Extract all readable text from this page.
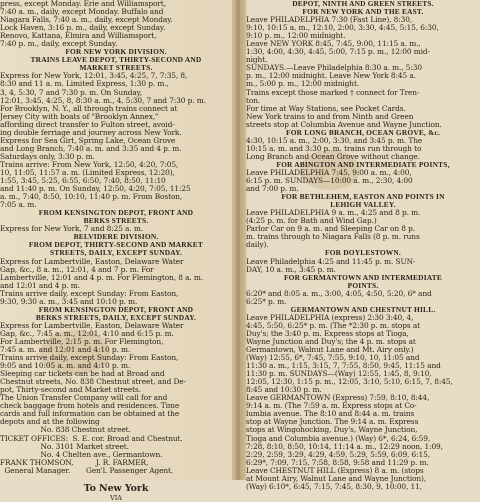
press, except Monday. Erie and Williamsport,
7:40 a. m., daily, except Monday. Buffalo and
Niagara Falls, 7:40 a. m., daily, except Monday.
Lock Haven, 3:16 p. m., daily, except Sunday.
Renovo, Kattana, Elmira and Williamsport,
7:40 p. m., daily, except Sunday.
FOR NEW YORK DIVISION.
TRAINS LEAVE DEPOT, THIRTY-SECOND AND
MARKET STREETS.
Express for New York, 12:01, 3:45, 4:25, 7, 7:35, 8,
8:30 and 11 a. m. Limited Express, 1:30 p. m.,
3, 4, 5:30, 7 and 7:30 p. m. On Sunday,
12:01, 3:45, 4:25, 8, 8:30 a. m., 4, 5:30, 7 and 7:30 p. m.
For Brooklyn, N. Y., all through trains connect at
Jersey City with boats of "Brooklyn Annex,"
affording direct transfer to Fulton street, avoid-
ing double ferriage and journey across New York.
Express for Sea Girt, Spring Lake, Ocean Grove
and Long Branch, 7:40 a. m. and 3:35 and 4 p. m.
Saturdays only, 3:30 p. m.
Trains arrive: From New York, 12:50, 4:20, 7:05,
10, 11:05, 11:57 a. m. (Limited Express, 12:20),
1:55, 3:45, 5:25, 6:55, 6:50, 7:40, 8:50, 11:10
and 11:40 p. m. On Sunday, 12:50, 4:20, 7:05, 11:25
a. m., 7:40, 8:50, 10:10, 11:40 p. m. From Boston,
7:05 a. m.
FROM KENSINGTON DEPOT, FRONT AND
BERKS STREETS.
Express for New York, 7 and 8:25 a. m.
BELVIDERE DIVISION.
FROM DEPOT, THIRTY-SECOND AND MARKET
STREETS, DAILY, EXCEPT SUNDAY.
Express for Lambertville, Easton, Delaware Water
Gap, &c., 8 a. m., 12:01, 4 and 7 p. m. For
Lambertville, 12:01 and 4 p. m. For Flemington, 8 a. m.
and 12:01 and 4 p. m.
Trains arrive daily, except Sunday: From Easton,
9:30, 9:30 a. m., 3:45 and 10:10 p. m.
FROM KENSINGTON DEPOT, FRONT AND
BERKS STREETS, DAILY, EXCEPT SUNDAY.
Express for Lambertville, Easton, Delaware Water
Gap, &c., 7:45 a. m., 12:01, 4:10 and 6:15 p. m.
For Lambertville, 2:15 p. m. For Flemington,
7:45 a. m. and 12:01 and 4:10 p. m.
Trains arrive daily, except Sunday: From Easton,
9:05 and 10:05 a. m. and 4:10 p. m.
Sleeping car tickets can be had at Broad and
Chestnut streets, No. 838 Chestnut street, and De-
pot, Thirty-second and Market streets.
The Union Transfer Company will call for and
check baggage from hotels and residences. Time
cards and full information can be obtained at the
depots and at the following
No. 838 Chestnut street.
TICKET OFFICES:  S. E. cor. Broad and Chestnut.
No. 3101 Market street.
No. 4 Chelten ave., Germantown.
FRANK THOMSON,          J. R. FARMER,
General Manager.       Gen'l. Passenger Agent.
To New York
VIA
DEPOT, NINTH AND GREEN STREETS.
FOR NEW YORK AND THE EAST.
Leave PHILADELPHIA 7:30 (Fast Line), 8:30,
9:10, 10:15 a. m., 12:10, 2:00, 3:30, 4:45, 5:15, 6:30,
9:10 p. m., 12:00 midnight.
Leave NEW YORK 8:45, 7:45, 9:00, 11:15 a. m.,
1:30, 4:00, 4:30, 4:45, 5:00, 7:15 p. m., 12:00 mid-
night.
SUNDAYS.—Leave Philadelphia 8:30 a. m., 5:30
p. m., 12:00 midnight. Leave New York 8:45 a.
m., 5:00 p. m., 12:00 midnight.
Trains except those marked † connect for Tren-
ton.
For time at Way Stations, see Pocket Cards.
New York trains to and from Ninth and Green
streets stop at Columbia Avenue and Wayne Junction.
FOR LONG BRANCH, OCEAN GROVE, &c.
4:30, 10:15 a. m., 2:00, 3:30, and 3:45 p. m. The
10:15 a. m. and 3:30 p. m. trains run through to
Long Branch and Ocean Grove without change.
FOR ABINGTON AND INTERMEDIATE POINTS,
Leave PHILADELPHIA 7:45, 9:00 a. m., 4:00,
6:15 p. m. SUNDAYS—10:00 a. m., 2:30, 4:00
and 7:00 p. m.
FOR BETHLEHEM, EASTON AND POINTS IN
LEHIGH VALLEY.
Leave PHILADELPHIA 9 a. m., 4:25 and 8 p. m.
(4:25 p. m. for Bath and Wind Gap.)
Parlor Car on 9 a. m. and Sleeping Car on 8 p.
m. trains through to Niagara Falls (8 p. m. runs
daily).
FOR DOYLESTOWN.
Leave Philadelphia 4:25 and 11:45 p. m. SUN-
DAY, 10 a. m., 3:45 p. m.
FOR GERMANTOWN AND INTERMEDIATE
POINTS.
6:20* and 8:05 a. m., 3:00, 4:05, 4:50, 5:20, 6* and
6:25* p. m.
GERMANTOWN AND CHESTNUT HILL.
Leave PHILADELPHIA (express) 2:30 3:40, 4,
4:45, 5:50, 6:25* p. m. (The *2:30 p. m. stops at
Duy's; the 3:40 p. m. Express stops at Tioga,
Wayne Junction and Duy's; the 4 p. m. stops at
Germantown, Walnut Lane and Mt. Airy only.)
(Way) 12:55, 6*, 7:45, 7:55, 9:10, 10, 11:05 and
11:30 a. m., 1:15, 3:15, 7, 7:55, 8:50, 9:45, 11:15 and
11:30 p. m. SUNDAYS—(Way) 12:55, 1:45, 8, 9:10,
12:05, 12:30, 1:15 p. m., 12:05, 3:10, 5:10, 6:15, 7, 8:45,
8:45 and 10:30 p. m.
Leave GERMANTOWN (Express) 7:59, 8:10, 8:44,
9:14 a. m. (The 7:59 a. m. Express stops at Co-
lumbia avenue. The 8:10 and 8:44 a. m. trains
stop at Wayne Junction. The 9:14 a. m. Express
stops at Wingohocking, Duy's, Wayne Junction,
Tioga and Columbia avenue.) (Way) 6*, 6:24, 6:59,
7:28, 8:10, 8:50, 10:14, 11:14 a. m., 12:29 noon, 1:09,
2:29, 2:59, 3:29, 4:29, 4:59, 5:29, 5:59, 6:09, 6:15,
6:29*, 7:09, 7:15, 7:58, 8:58, 9:58 and 11:29 p. m.
Leave CHESTNUT HILL (Express) 8 a. m. (stops
at Mount Airy, Walnut Lane and Wayne Junction),
(Way) 6:10*, 6:45, 7:15, 7:45, 8:30, 9, 10:00, 11,
